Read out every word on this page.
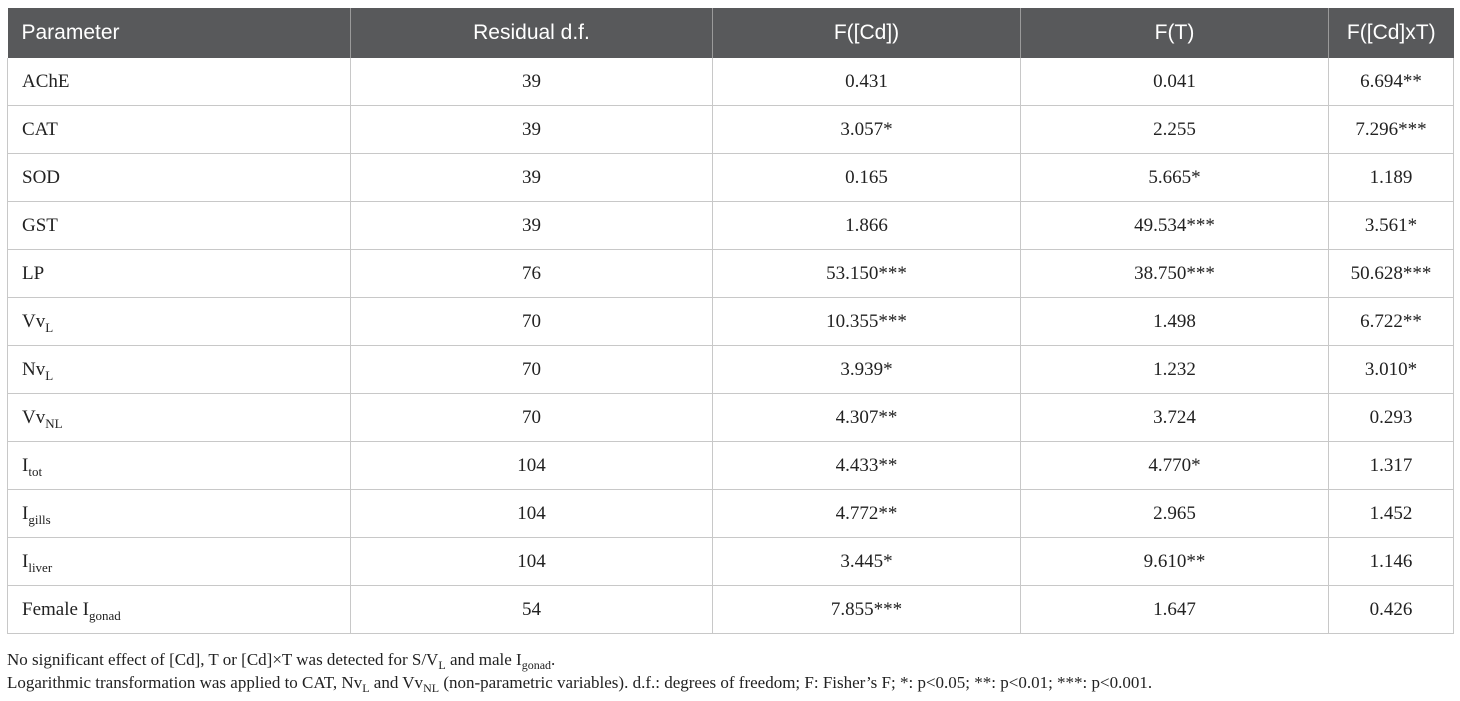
Parameter	Residual d.f.	F([Cd])	F(T)	F([Cd]xT)
AChE	39	0.431	0.041	6.694**
CAT	39	3.057*	2.255	7.296***
SOD	39	0.165	5.665*	1.189
GST	39	1.866	49.534***	3.561*
LP	76	53.150***	38.750***	50.628***
$Vv_L$	70	10.355***	1.498	6.722**
$Nv_L$	70	3.939*	1.232	3.010*
$Vv_{NL}$	70	4.307**	3.724	0.293
$I_{tot}$	104	4.433**	4.770*	1.317
$I_{gills}$	104	4.772**	2.965	1.452
$I_{liver}$	104	3.445*	9.610**	1.146
Female $I_{gonad}$	54	7.855***	1.647	0.426
No significant effect of [Cd], T or [Cd]×T was detected for $S/V_L$ and male $I_{gonad}$.
Logarithmic transformation was applied to CAT, $Nv_L$ and $Vv_{NL}$ (non-parametric variables). d.f.: degrees of freedom; F: Fisher’s F; *: p<0.05; **: p<0.01; ***: p<0.001.
